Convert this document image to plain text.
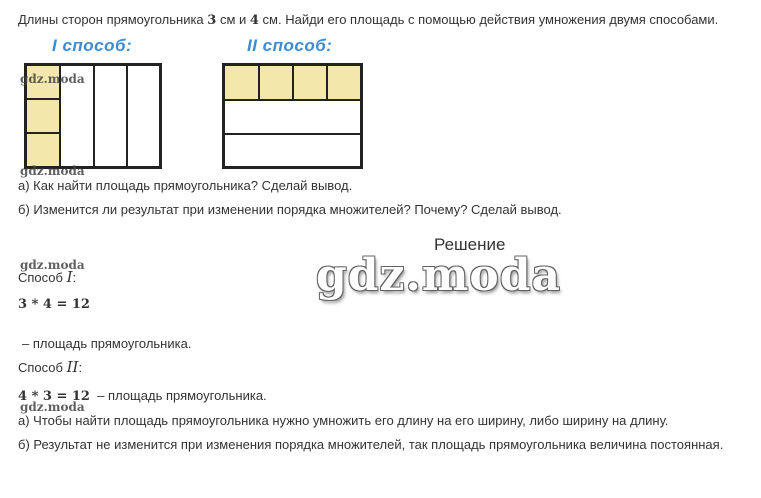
Длины сторон прямоугольника 3 см и 4 см. Найди его площадь с помощью действия умножения двумя способами.
I способ:	II способ:
gdz.moda
gdz.moda
а) Как найти площадь прямоугольника? Сделай вывод.
б) Изменится ли результат при изменении порядка множителей? Почему? Сделай вывод.
Решение
gdz.moda
gdz.moda
Способ I:
3 * 4 = 12
– площадь прямоугольника.
Способ II:
4 * 3 = 12 – площадь прямоугольника.
gdz.moda
а) Чтобы найти площадь прямоугольника нужно умножить его длину на его ширину, либо ширину на длину.
б) Результат не изменится при изменения порядка множителей, так площадь прямоугольника величина постоянная.
